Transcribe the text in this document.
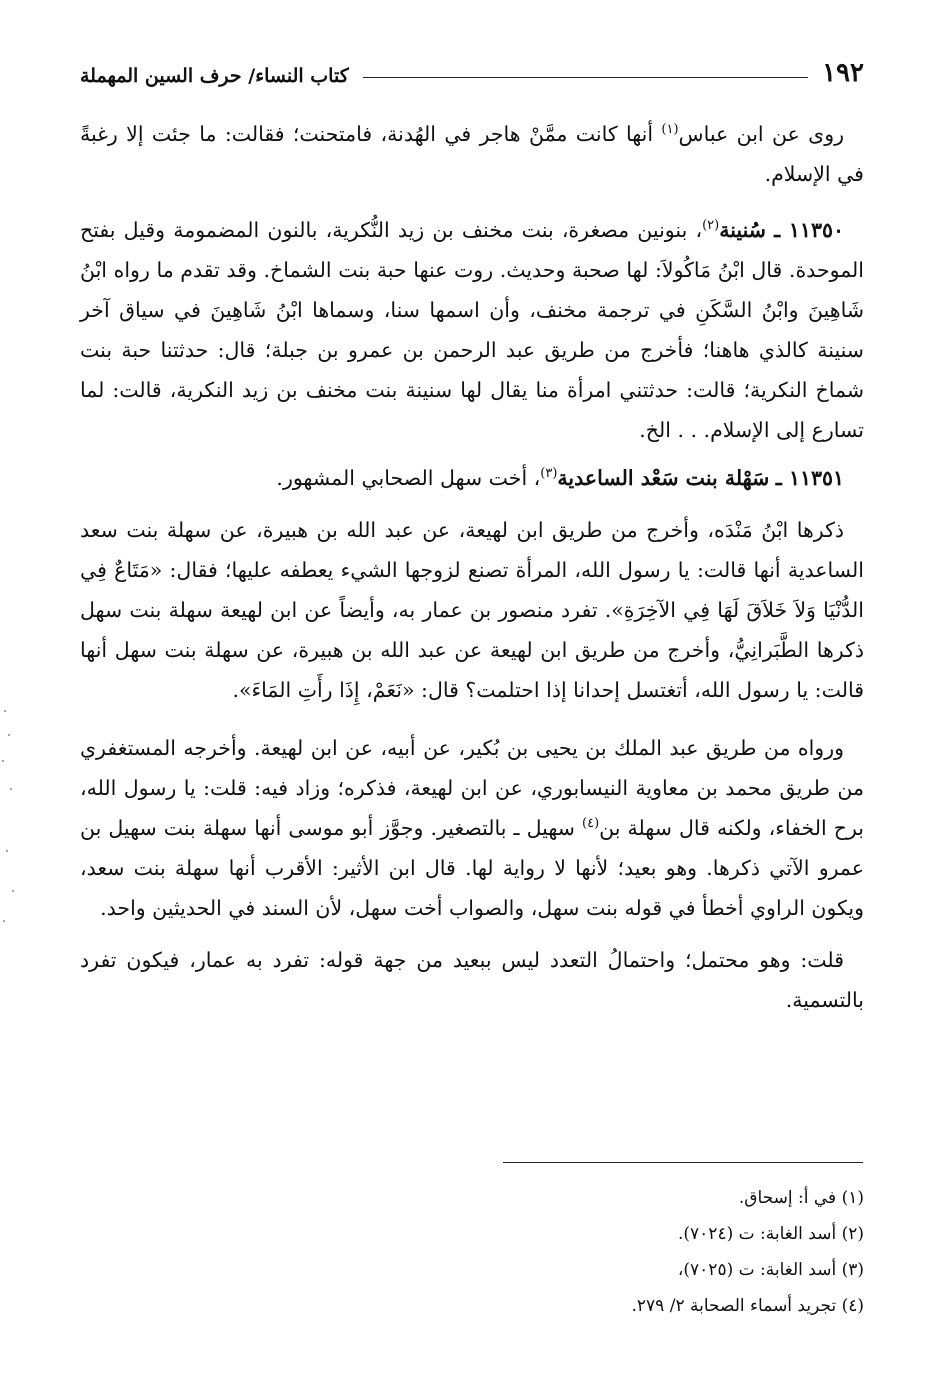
١٩٢
كتاب النساء/ حرف السين المهملة

روى عن ابن عباس$^{(١)}$ أنها كانت ممَّنْ هاجر في الهُدنة، فامتحنت؛ فقالت: ما جئت إلا رغبةً في الإسلام.

١١٣٥٠ ـ سُنينة$^{(٢)}$، بنونين مصغرة، بنت مخنف بن زيد النُّكرية، بالنون المضمومة وقيل بفتح الموحدة. قال ابْنُ مَاكُولاَ: لها صحبة وحديث. روت عنها حبة بنت الشماخ. وقد تقدم ما رواه ابْنُ شَاهِينَ وابْنُ السَّكَنِ في ترجمة مخنف، وأن اسمها سنا، وسماها ابْنُ شَاهِينَ في سياق آخر سنينة كالذي هاهنا؛ فأخرج من طريق عبد الرحمن بن عمرو بن جبلة؛ قال: حدثتنا حبة بنت شماخ النكرية؛ قالت: حدثتني امرأة منا يقال لها سنينة بنت مخنف بن زيد النكرية، قالت: لما تسارع إلى الإسلام. . . الخ.

١١٣٥١ ـ سَهْلة بنت سَعْد الساعدية$^{(٣)}$، أخت سهل الصحابي المشهور.

ذكرها ابْنُ مَنْدَه، وأخرج من طريق ابن لهيعة، عن عبد الله بن هبيرة، عن سهلة بنت سعد الساعدية أنها قالت: يا رسول الله، المرأة تصنع لزوجها الشيء يعطفه عليها؛ فقال: «مَتَاعٌ فِي الدُّنْيَا وَلاَ خَلاَقَ لَهَا فِي الآخِرَةِ». تفرد منصور بن عمار به، وأيضاً عن ابن لهيعة سهلة بنت سهل ذكرها الطَّبَرانِيُّ، وأخرج من طريق ابن لهيعة عن عبد الله بن هبيرة، عن سهلة بنت سهل أنها قالت: يا رسول الله، أتغتسل إحدانا إذا احتلمت؟ قال: «نَعَمْ، إِذَا رأَتِ المَاءَ».

ورواه من طريق عبد الملك بن يحيى بن بُكير، عن أبيه، عن ابن لهيعة. وأخرجه المستغفري من طريق محمد بن معاوية النيسابوري، عن ابن لهيعة، فذكره؛ وزاد فيه: قلت: يا رسول الله، برح الخفاء، ولكنه قال سهلة بن$^{(٤)}$ سهيل ـ بالتصغير. وجوَّز أبو موسى أنها سهلة بنت سهيل بن عمرو الآتي ذكرها. وهو بعيد؛ لأنها لا رواية لها. قال ابن الأثير: الأقرب أنها سهلة بنت سعد، ويكون الراوي أخطأ في قوله بنت سهل، والصواب أخت سهل، لأن السند في الحديثين واحد.

قلت: وهو محتمل؛ واحتمالُ التعدد ليس ببعيد من جهة قوله: تفرد به عمار، فيكون تفرد بالتسمية.

(١) في أ: إسحاق.

(٢) أسد الغابة: ت (٧٠٢٤).

(٣) أسد الغابة: ت (٧٠٢٥)،

(٤) تجريد أسماء الصحابة ٢/ ٢٧٩.
